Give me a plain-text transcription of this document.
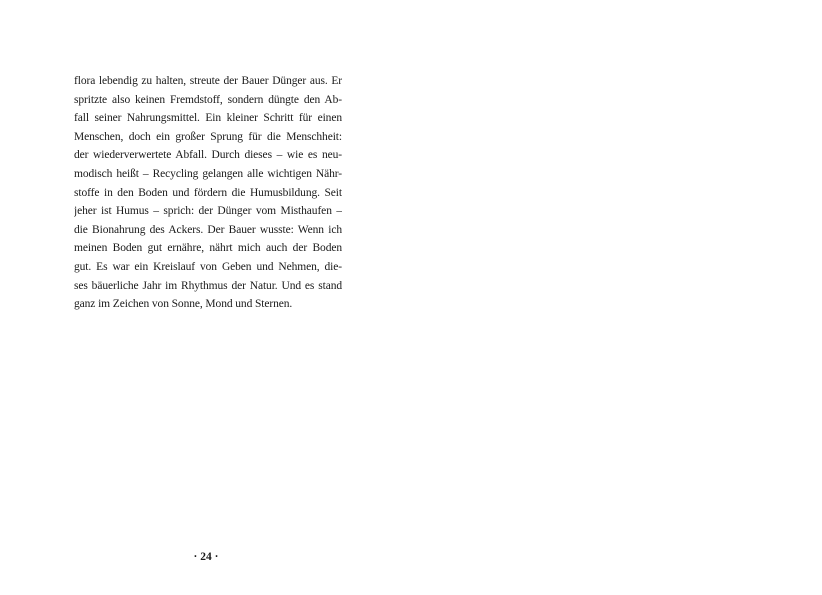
flora lebendig zu halten, streute der Bauer Dünger aus. Er
spritzte also keinen Fremdstoff, sondern düngte den Ab-
fall seiner Nahrungsmittel. Ein kleiner Schritt für einen
Menschen, doch ein großer Sprung für die Menschheit:
der wiederverwertete Abfall. Durch dieses – wie es neu-
modisch heißt – Recycling gelangen alle wichtigen Nähr-
stoffe in den Boden und fördern die Humusbildung. Seit
jeher ist Humus – sprich: der Dünger vom Misthaufen –
die Bionahrung des Ackers. Der Bauer wusste: Wenn ich
meinen Boden gut ernähre, nährt mich auch der Boden
gut. Es war ein Kreislauf von Geben und Nehmen, die-
ses bäuerliche Jahr im Rhythmus der Natur. Und es stand
ganz im Zeichen von Sonne, Mond und Sternen.
· 24 ·
